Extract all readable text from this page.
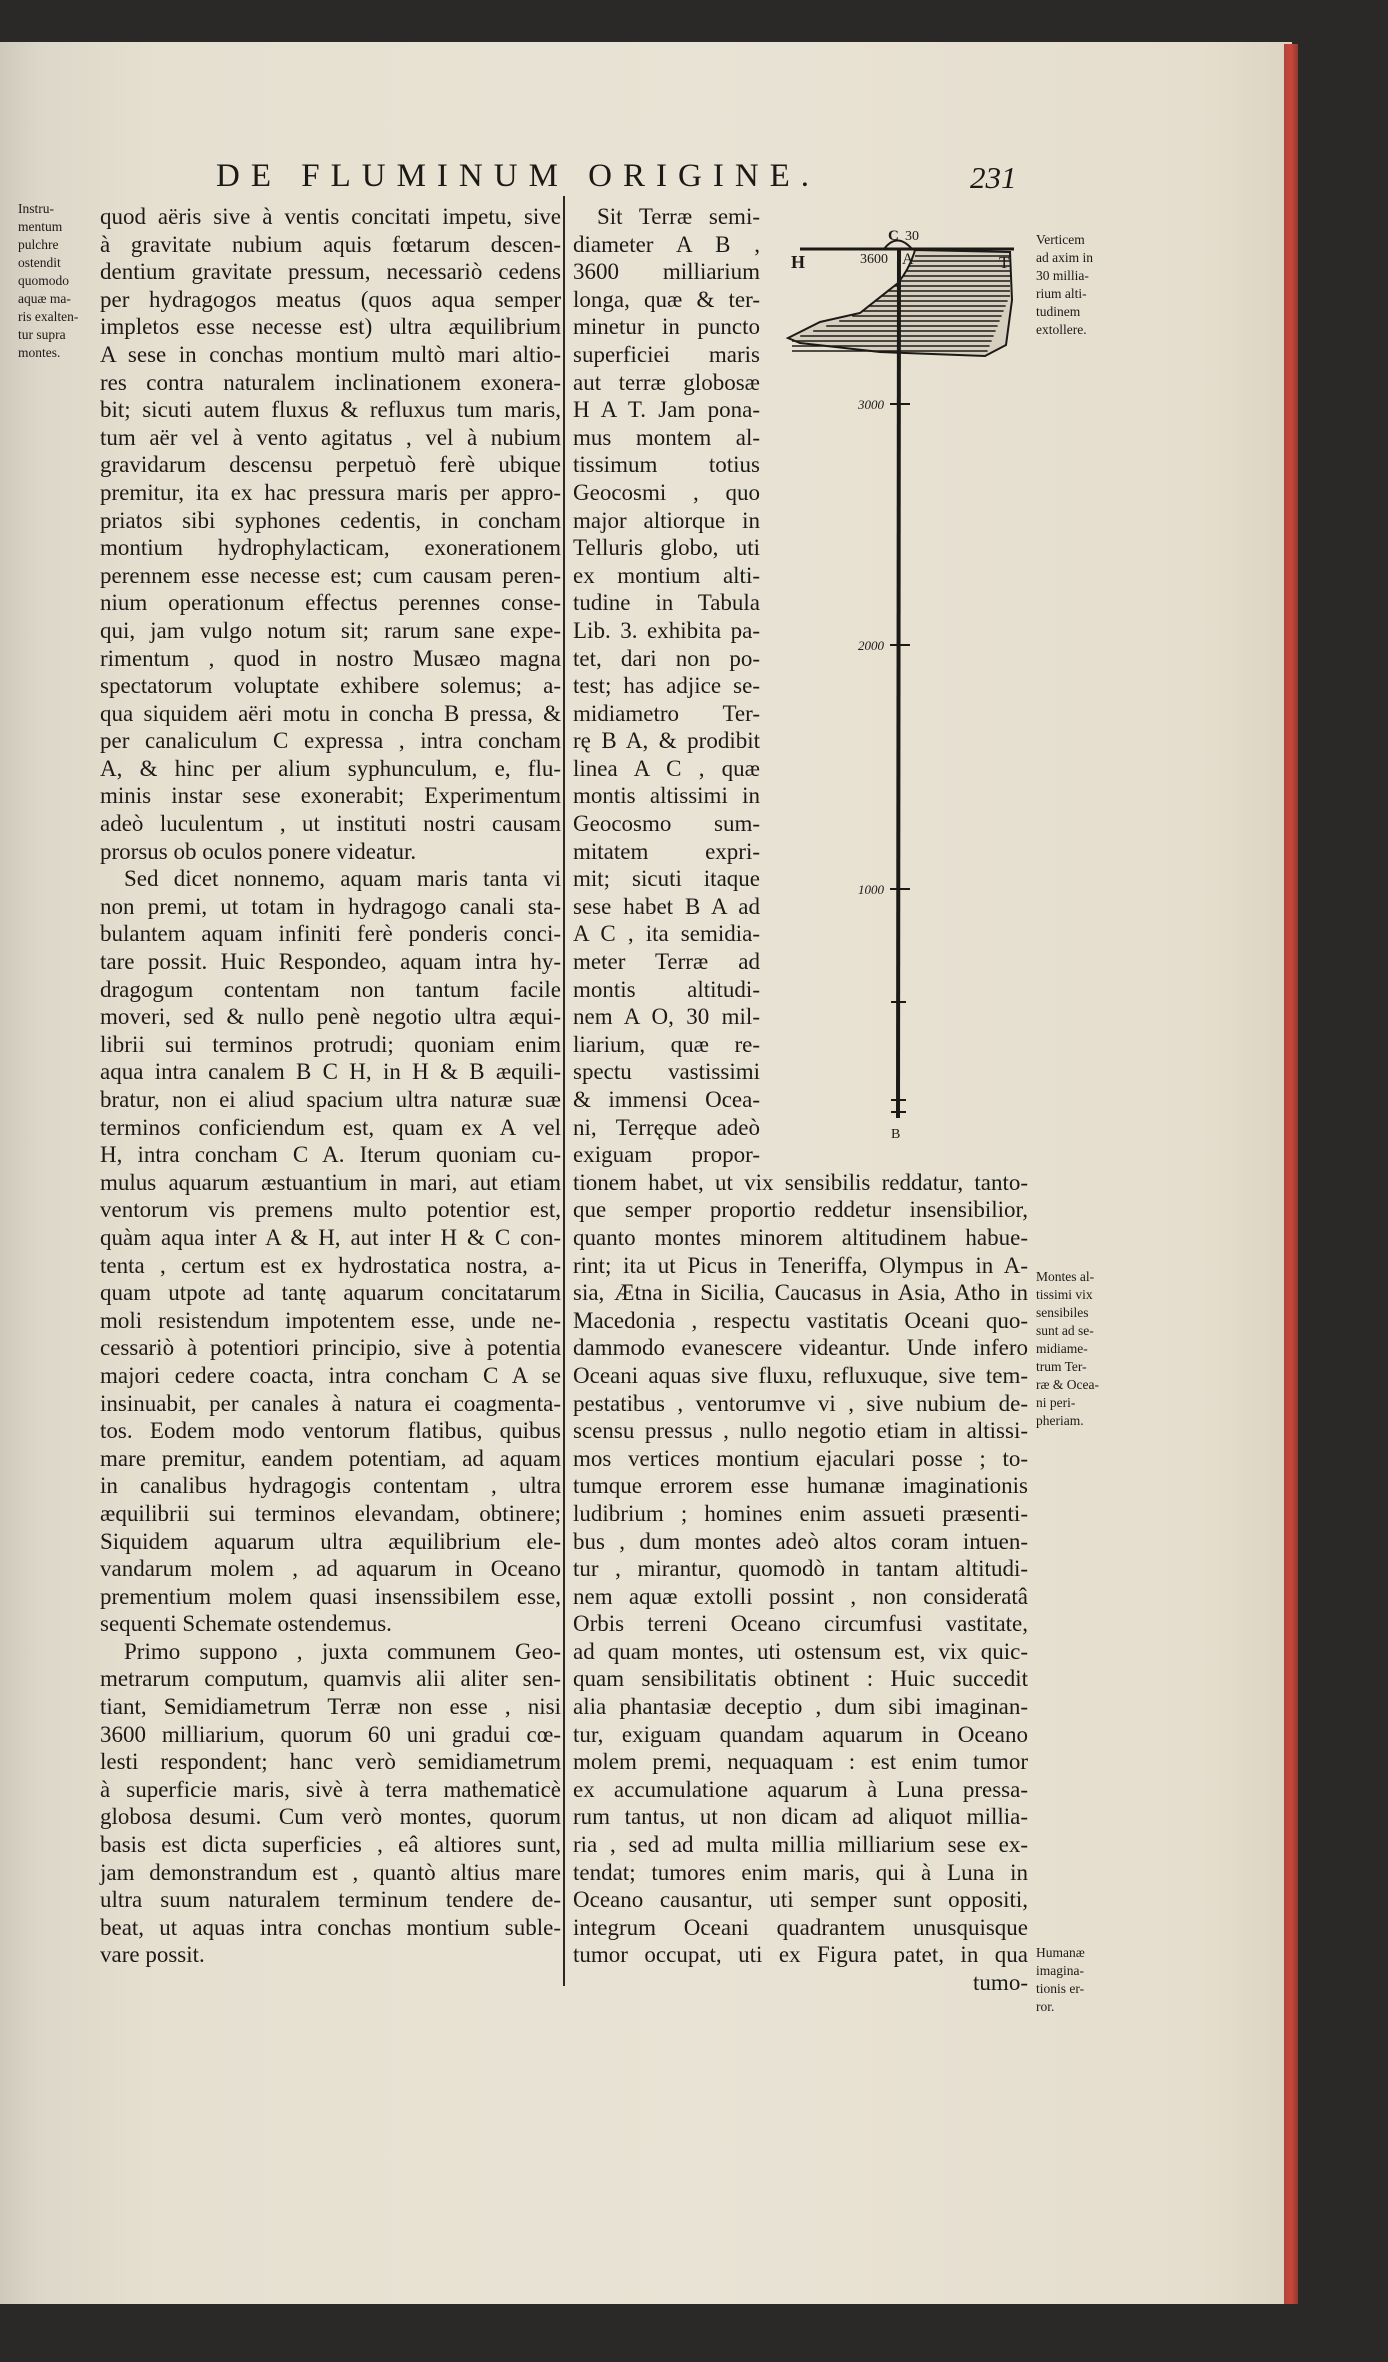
DE FLUMINUM ORIGINE.	231
Instru-
mentum
pulchre
ostendit
quomodo
aquæ ma-
ris exalten-
tur supra
montes.
Verticem
ad axim in
30 millia-
rium alti-
tudinem
extollere.
Montes al-
tissimi vix
sensibiles
sunt ad se-
midiame-
trum Ter-
ræ & Ocea-
ni peri-
pheriam.
Humanæ
imagina-
tionis er-
ror.
quod aëris sive à ventis concitati impetu, sive
à gravitate nubium aquis fœtarum descen-
dentium gravitate pressum, necessariò cedens
per hydragogos meatus (quos aqua semper
impletos esse necesse est) ultra æquilibrium
A sese in conchas montium multò mari altio-
res contra naturalem inclinationem exonera-
bit; sicuti autem fluxus & refluxus tum maris,
tum aër vel à vento agitatus , vel à nubium
gravidarum descensu perpetuò ferè ubique
premitur, ita ex hac pressura maris per appro-
priatos sibi syphones cedentis, in concham
montium hydrophylacticam, exonerationem
perennem esse necesse est; cum causam peren-
nium operationum effectus perennes conse-
qui, jam vulgo notum sit; rarum sane expe-
rimentum , quod in nostro Musæo magna
spectatorum voluptate exhibere solemus; a-
qua siquidem aëri motu in concha B pressa, &
per canaliculum C expressa , intra concham
A, & hinc per alium syphunculum, e, flu-
minis instar sese exonerabit; Experimentum
adeò luculentum , ut instituti nostri causam
prorsus ob oculos ponere videatur.
Sed dicet nonnemo, aquam maris tanta vi
non premi, ut totam in hydragogo canali sta-
bulantem aquam infiniti ferè ponderis conci-
tare possit. Huic Respondeo, aquam intra hy-
dragogum contentam non tantum facile
moveri, sed & nullo penè negotio ultra æqui-
librii sui terminos protrudi; quoniam enim
aqua intra canalem B C H, in H & B æquili-
bratur, non ei aliud spacium ultra naturæ suæ
terminos conficiendum est, quam ex A vel
H, intra concham C A. Iterum quoniam cu-
mulus aquarum æstuantium in mari, aut etiam
ventorum vis premens multo potentior est,
quàm aqua inter A & H, aut inter H & C con-
tenta , certum est ex hydrostatica nostra, a-
quam utpote ad tantę aquarum concitatarum
moli resistendum impotentem esse, unde ne-
cessariò à potentiori principio, sive à potentia
majori cedere coacta, intra concham C A se
insinuabit, per canales à natura ei coagmenta-
tos. Eodem modo ventorum flatibus, quibus
mare premitur, eandem potentiam, ad aquam
in canalibus hydragogis contentam , ultra
æquilibrii sui terminos elevandam, obtinere;
Siquidem aquarum ultra æquilibrium ele-
vandarum molem , ad aquarum in Oceano
prementium molem quasi insenssibilem esse,
sequenti Schemate ostendemus.
Primo suppono , juxta communem Geo-
metrarum computum, quamvis alii aliter sen-
tiant, Semidiametrum Terræ non esse , nisi
3600 milliarium, quorum 60 uni gradui cœ-
lesti respondent; hanc verò semidiametrum
à superficie maris, sivè à terra mathematicè
globosa desumi. Cum verò montes, quorum
basis est dicta superficies , eâ altiores sunt,
jam demonstrandum est , quantò altius mare
ultra suum naturalem terminum tendere de-
beat, ut aquas intra conchas montium suble-
vare possit.
Sit Terræ semi-
diameter A B ,
3600 milliarium
longa, quæ & ter-
minetur in puncto
superficiei maris
aut terræ globosæ
H A T. Jam pona-
mus montem al-
tissimum totius
Geocosmi , quo
major altiorque in
Telluris globo, uti
ex montium alti-
tudine in Tabula
Lib. 3. exhibita pa-
tet, dari non po-
test; has adjice se-
midiametro Ter-
rę B A, & prodibit
linea A C , quæ
montis altissimi in
Geocosmo sum-
mitatem expri-
mit; sicuti itaque
sese habet B A ad
A C , ita semidia-
meter Terræ ad
montis altitudi-
nem A O, 30 mil-
liarium, quæ re-
spectu vastissimi
& immensi Ocea-
ni, Terręque adeò
exiguam propor-
tionem habet, ut vix sensibilis reddatur, tanto-
que semper proportio reddetur insensibilior,
quanto montes minorem altitudinem habue-
rint; ita ut Picus in Teneriffa, Olympus in A-
sia, Ætna in Sicilia, Caucasus in Asia, Atho in
Macedonia , respectu vastitatis Oceani quo-
dammodo evanescere videantur. Unde infero
Oceani aquas sive fluxu, refluxuque, sive tem-
pestatibus , ventorumve vi , sive nubium de-
scensu pressus , nullo negotio etiam in altissi-
mos vertices montium ejaculari posse ; to-
tumque errorem esse humanæ imaginationis
ludibrium ; homines enim assueti præsenti-
bus , dum montes adeò altos coram intuen-
tur , mirantur, quomodò in tantam altitudi-
nem aquæ extolli possint , non consideratâ
Orbis terreni Oceano circumfusi vastitate,
ad quam montes, uti ostensum est, vix quic-
quam sensibilitatis obtinent : Huic succedit
alia phantasiæ deceptio , dum sibi imaginan-
tur, exiguam quandam aquarum in Oceano
molem premi, nequaquam : est enim tumor
ex accumulatione aquarum à Luna pressa-
rum tantus, ut non dicam ad aliquot millia-
ria , sed ad multa millia milliarium sese ex-
tendat; tumores enim maris, qui à Luna in
Oceano causantur, uti semper sunt oppositi,
integrum Oceani quadrantem unusquisque
tumor occupat, uti ex Figura patet, in qua
tumo-
H	3600 A
C 30
T
3000
2000
1000
B
